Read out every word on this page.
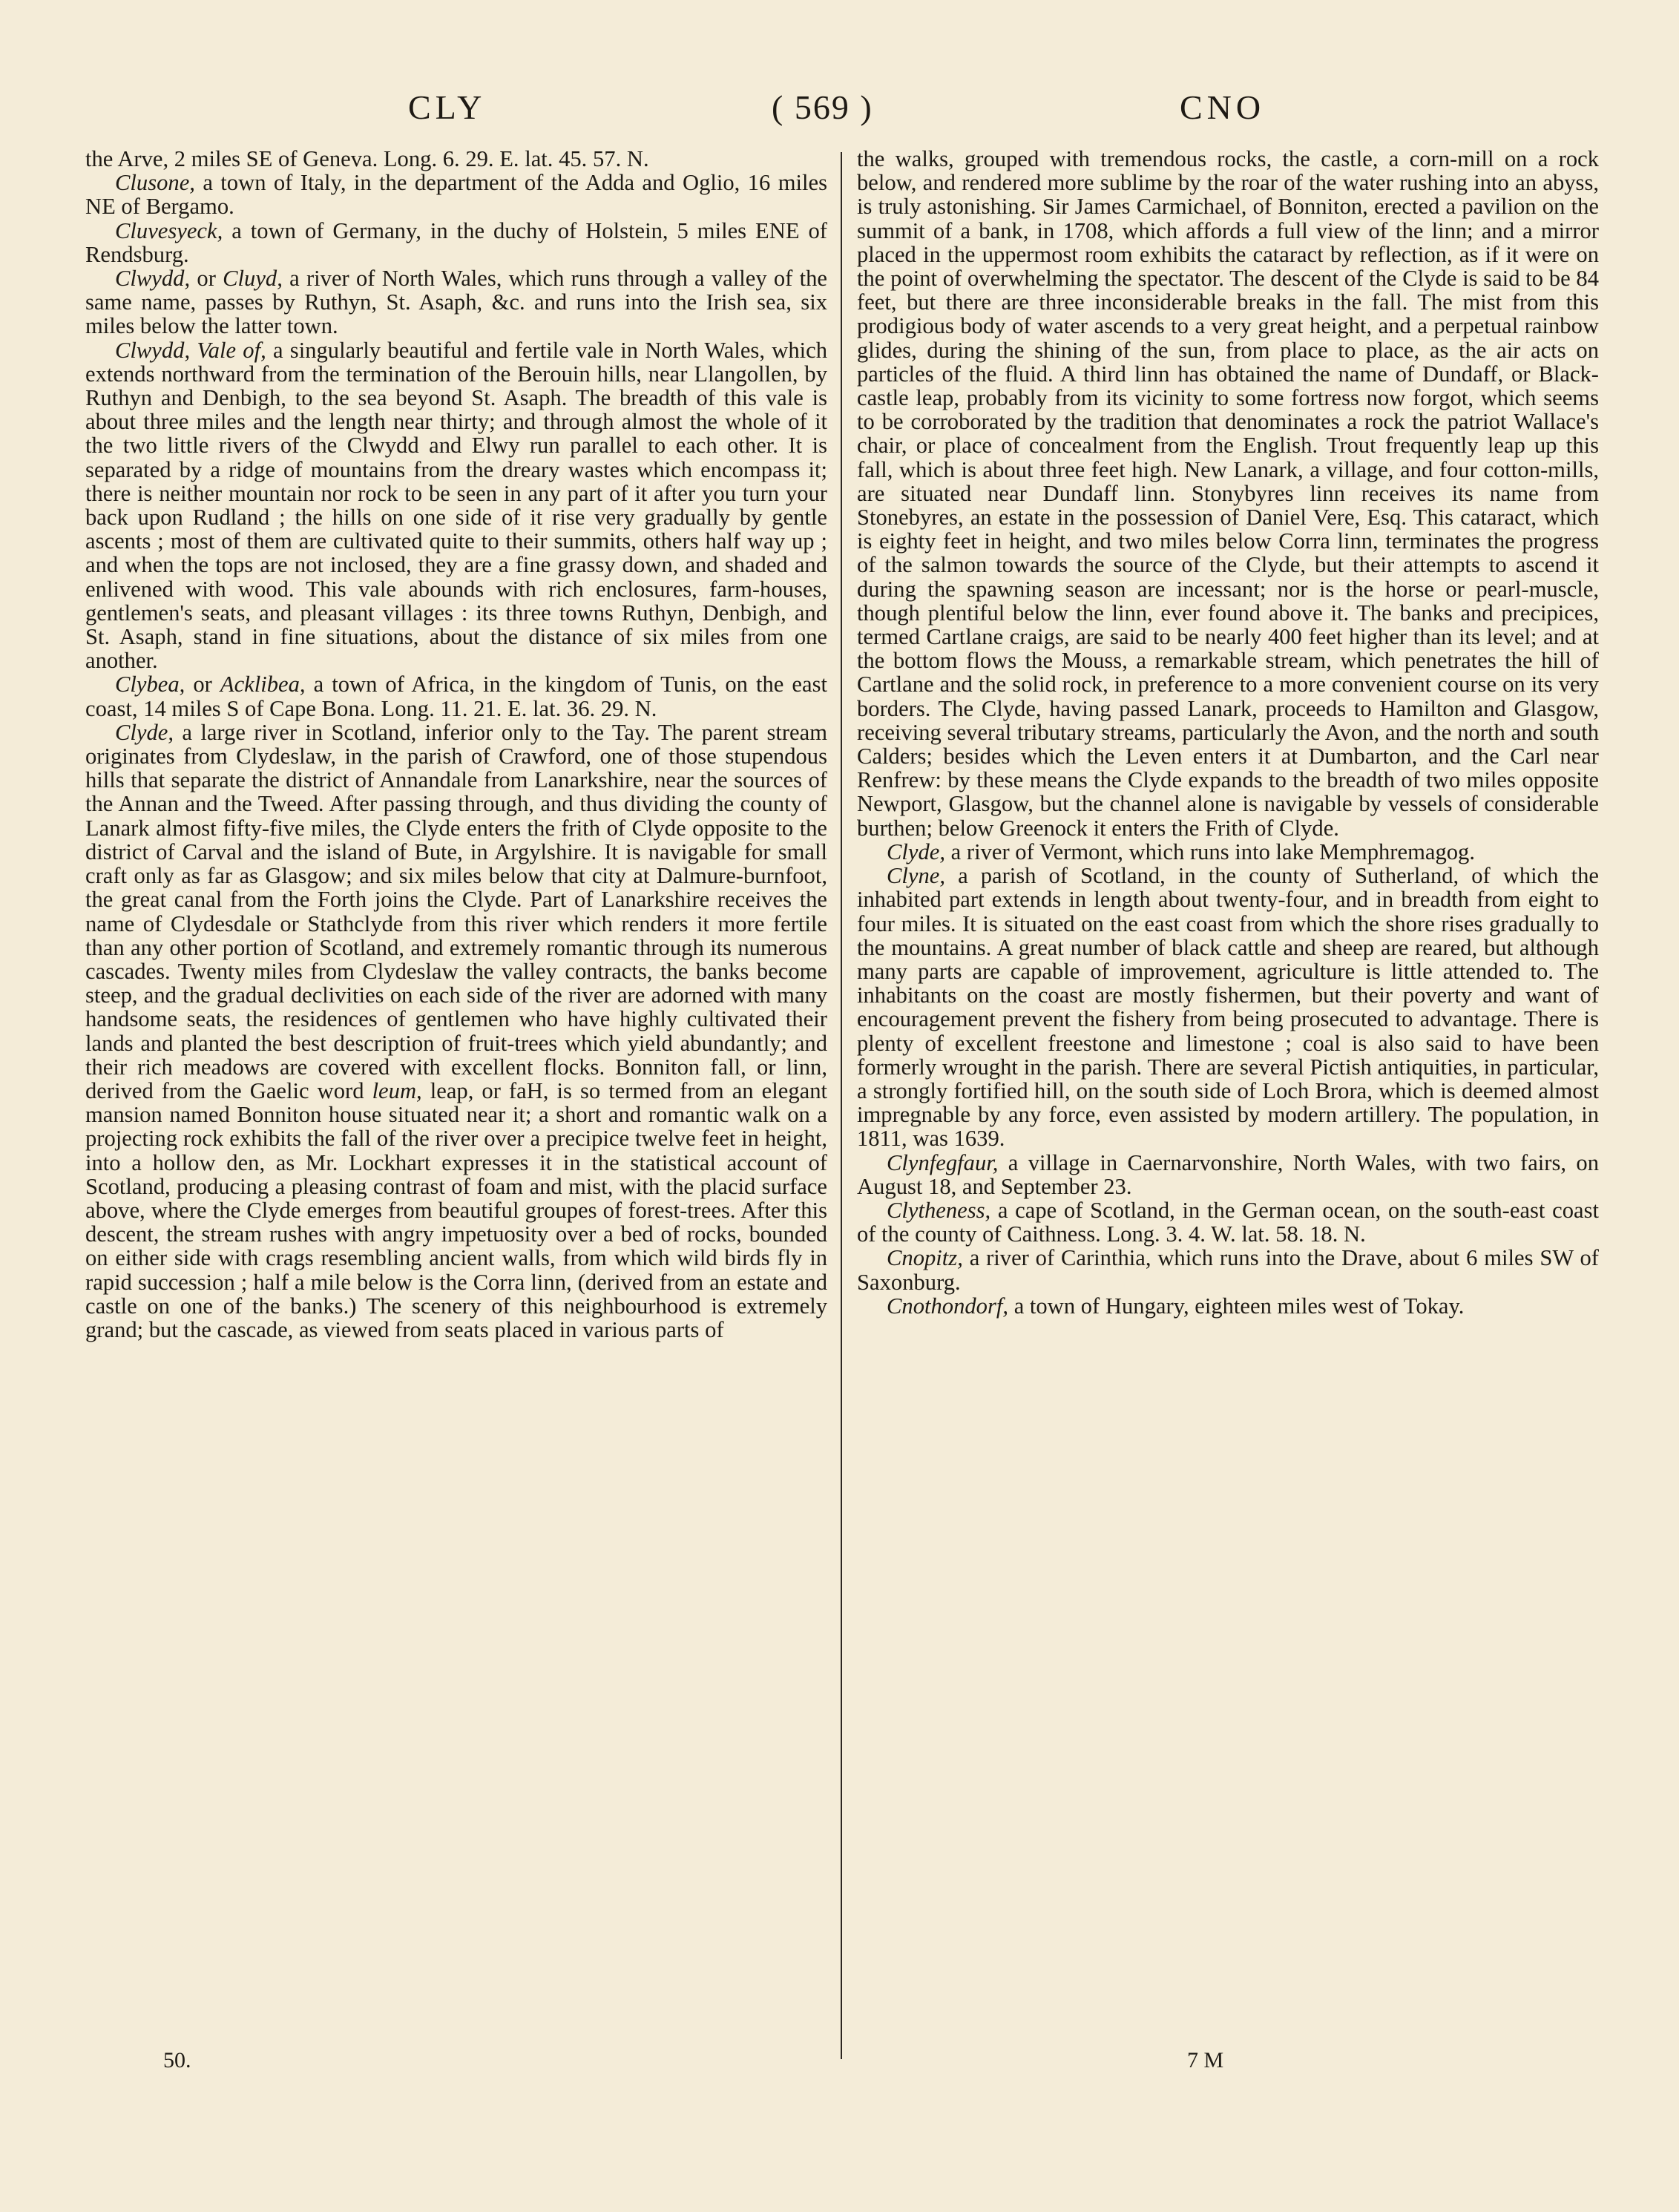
CLY	( 569 )	CNO

the Arve, 2 miles SE of Geneva. Long. 6. 29. E. lat. 45. 57. N.

Clusone, a town of Italy, in the department of the Adda and Oglio, 16 miles NE of Bergamo.

Cluvesyeck, a town of Germany, in the duchy of Holstein, 5 miles ENE of Rendsburg.

Clwydd, or Cluyd, a river of North Wales, which runs through a valley of the same name, passes by Ruthyn, St. Asaph, &c. and runs into the Irish sea, six miles below the latter town.

Clwydd, Vale of, a singularly beautiful and fertile vale in North Wales, which extends northward from the termination of the Berouin hills, near Llangollen, by Ruthyn and Denbigh, to the sea beyond St. Asaph. The breadth of this vale is about three miles and the length near thirty; and through almost the whole of it the two little rivers of the Clwydd and Elwy run parallel to each other. It is separated by a ridge of mountains from the dreary wastes which encompass it; there is neither mountain nor rock to be seen in any part of it after you turn your back upon Rudland ; the hills on one side of it rise very gradually by gentle ascents ; most of them are cultivated quite to their summits, others half way up ; and when the tops are not inclosed, they are a fine grassy down, and shaded and enlivened with wood. This vale abounds with rich enclosures, farm-houses, gentlemen's seats, and pleasant villages : its three towns Ruthyn, Denbigh, and St. Asaph, stand in fine situations, about the distance of six miles from one another.

Clybea, or Acklibea, a town of Africa, in the kingdom of Tunis, on the east coast, 14 miles S of Cape Bona. Long. 11. 21. E. lat. 36. 29. N.

Clyde, a large river in Scotland, inferior only to the Tay. The parent stream originates from Clydeslaw, in the parish of Crawford, one of those stupendous hills that separate the district of Annandale from Lanarkshire, near the sources of the Annan and the Tweed. After passing through, and thus dividing the county of Lanark almost fifty-five miles, the Clyde enters the frith of Clyde opposite to the district of Carval and the island of Bute, in Argylshire. It is navigable for small craft only as far as Glasgow; and six miles below that city at Dalmure-burnfoot, the great canal from the Forth joins the Clyde. Part of Lanarkshire receives the name of Clydesdale or Stathclyde from this river which renders it more fertile than any other portion of Scotland, and extremely romantic through its numerous cascades. Twenty miles from Clydeslaw the valley contracts, the banks become steep, and the gradual declivities on each side of the river are adorned with many handsome seats, the residences of gentlemen who have highly cultivated their lands and planted the best description of fruit-trees which yield abundantly; and their rich meadows are covered with excellent flocks. Bonniton fall, or linn, derived from the Gaelic word leum, leap, or faH, is so termed from an elegant mansion named Bonniton house situated near it; a short and romantic walk on a projecting rock exhibits the fall of the river over a precipice twelve feet in height, into a hollow den, as Mr. Lockhart expresses it in the statistical account of Scotland, producing a pleasing contrast of foam and mist, with the placid surface above, where the Clyde emerges from beautiful groupes of forest-trees. After this descent, the stream rushes with angry impetuosity over a bed of rocks, bounded on either side with crags resembling ancient walls, from which wild birds fly in rapid succession ; half a mile below is the Corra linn, (derived from an estate and castle on one of the banks.) The scenery of this neighbourhood is extremely grand; but the cascade, as viewed from seats placed in various parts of

the walks, grouped with tremendous rocks, the castle, a corn-mill on a rock below, and rendered more sublime by the roar of the water rushing into an abyss, is truly astonishing. Sir James Carmichael, of Bonniton, erected a pavilion on the summit of a bank, in 1708, which affords a full view of the linn; and a mirror placed in the uppermost room exhibits the cataract by reflection, as if it were on the point of overwhelming the spectator. The descent of the Clyde is said to be 84 feet, but there are three inconsiderable breaks in the fall. The mist from this prodigious body of water ascends to a very great height, and a perpetual rainbow glides, during the shining of the sun, from place to place, as the air acts on particles of the fluid. A third linn has obtained the name of Dundaff, or Black-castle leap, probably from its vicinity to some fortress now forgot, which seems to be corroborated by the tradition that denominates a rock the patriot Wallace's chair, or place of concealment from the English. Trout frequently leap up this fall, which is about three feet high. New Lanark, a village, and four cotton-mills, are situated near Dundaff linn. Stonybyres linn receives its name from Stonebyres, an estate in the possession of Daniel Vere, Esq. This cataract, which is eighty feet in height, and two miles below Corra linn, terminates the progress of the salmon towards the source of the Clyde, but their attempts to ascend it during the spawning season are incessant; nor is the horse or pearl-muscle, though plentiful below the linn, ever found above it. The banks and precipices, termed Cartlane craigs, are said to be nearly 400 feet higher than its level; and at the bottom flows the Mouss, a remarkable stream, which penetrates the hill of Cartlane and the solid rock, in preference to a more convenient course on its very borders. The Clyde, having passed Lanark, proceeds to Hamilton and Glasgow, receiving several tributary streams, particularly the Avon, and the north and south Calders; besides which the Leven enters it at Dumbarton, and the Carl near Renfrew: by these means the Clyde expands to the breadth of two miles opposite Newport, Glasgow, but the channel alone is navigable by vessels of considerable burthen; below Greenock it enters the Frith of Clyde.

Clyde, a river of Vermont, which runs into lake Memphremagog.

Clyne, a parish of Scotland, in the county of Sutherland, of which the inhabited part extends in length about twenty-four, and in breadth from eight to four miles. It is situated on the east coast from which the shore rises gradually to the mountains. A great number of black cattle and sheep are reared, but although many parts are capable of improvement, agriculture is little attended to. The inhabitants on the coast are mostly fishermen, but their poverty and want of encouragement prevent the fishery from being prosecuted to advantage. There is plenty of excellent freestone and limestone ; coal is also said to have been formerly wrought in the parish. There are several Pictish antiquities, in particular, a strongly fortified hill, on the south side of Loch Brora, which is deemed almost impregnable by any force, even assisted by modern artillery. The population, in 1811, was 1639.

Clynfegfaur, a village in Caernarvonshire, North Wales, with two fairs, on August 18, and September 23.

Clytheness, a cape of Scotland, in the German ocean, on the south-east coast of the county of Caithness. Long. 3. 4. W. lat. 58. 18. N.

Cnopitz, a river of Carinthia, which runs into the Drave, about 6 miles SW of Saxonburg.

Cnothondorf, a town of Hungary, eighteen miles west of Tokay.

50.	7 M
